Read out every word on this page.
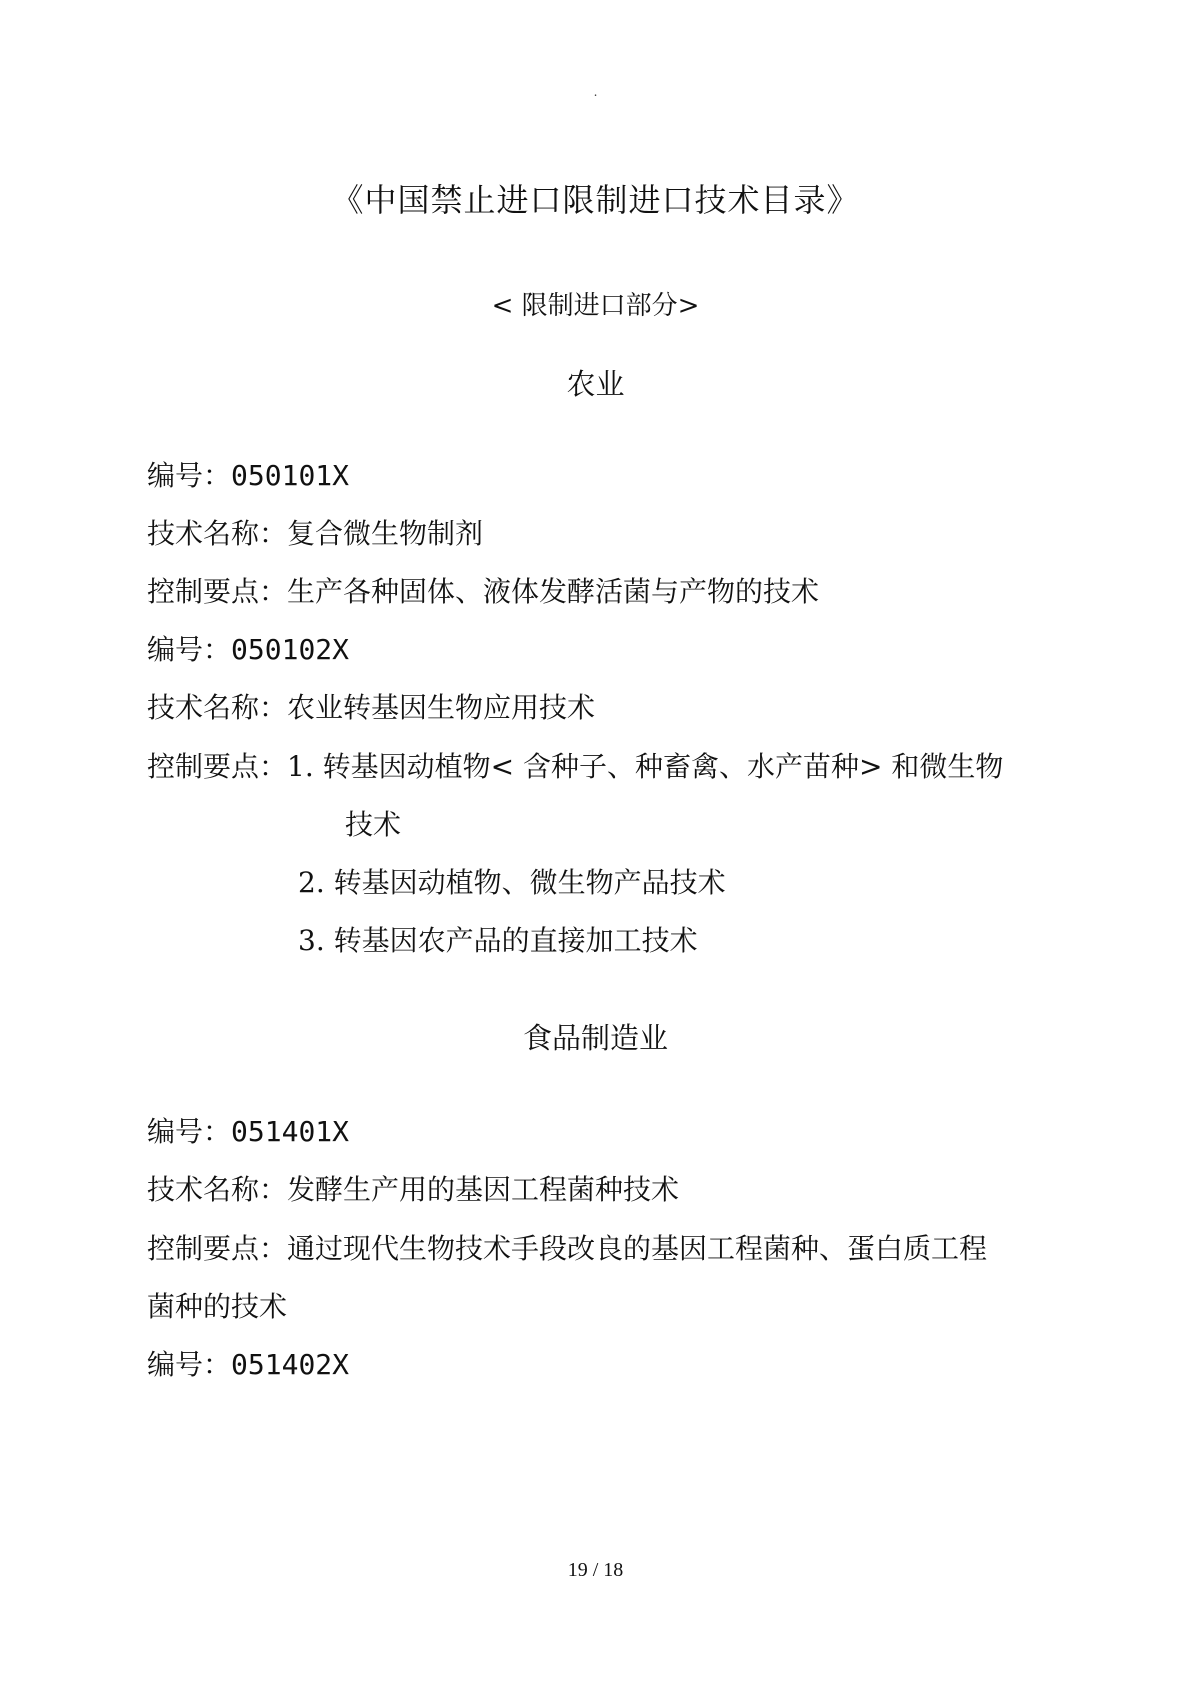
.
《中国禁止进口限制进口技术目录》
< 限制进口部分>
农业
编号：050101X
技术名称：复合微生物制剂
控制要点：生产各种固体、液体发酵活菌与产物的技术
编号：050102X
技术名称：农业转基因生物应用技术
控制要点：1. 转基因动植物< 含种子、种畜禽、水产苗种> 和微生物
技术
2. 转基因动植物、微生物产品技术
3. 转基因农产品的直接加工技术
食品制造业
编号：051401X
技术名称：发酵生产用的基因工程菌种技术
控制要点：通过现代生物技术手段改良的基因工程菌种、蛋白质工程
菌种的技术
编号：051402X
19 / 18
